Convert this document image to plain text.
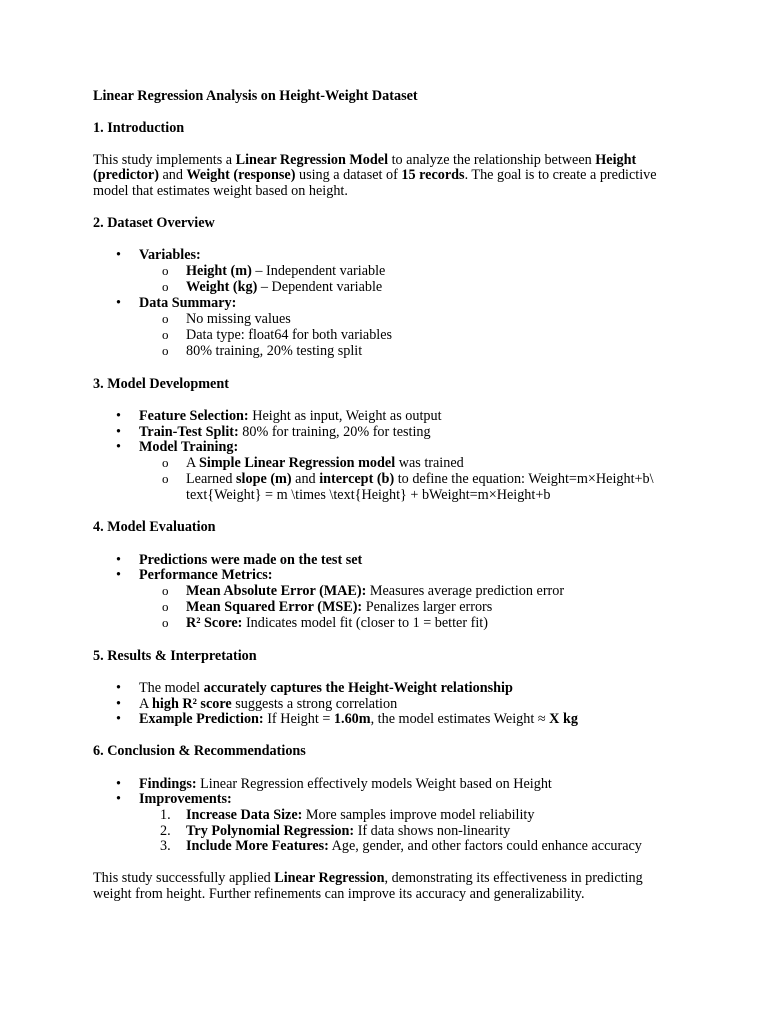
Linear Regression Analysis on Height-Weight Dataset
1. Introduction
This study implements a Linear Regression Model to analyze the relationship between Height
(predictor) and Weight (response) using a dataset of 15 records. The goal is to create a predictive
model that estimates weight based on height.
2. Dataset Overview
• Variables:
o Height (m) – Independent variable
o Weight (kg) – Dependent variable
• Data Summary:
o No missing values
o Data type: float64 for both variables
o 80% training, 20% testing split
3. Model Development
• Feature Selection: Height as input, Weight as output
• Train-Test Split: 80% for training, 20% for testing
• Model Training:
o A Simple Linear Regression model was trained
o Learned slope (m) and intercept (b) to define the equation: Weight=m×Height+b\
text{Weight} = m \times \text{Height} + bWeight=m×Height+b
4. Model Evaluation
• Predictions were made on the test set
• Performance Metrics:
o Mean Absolute Error (MAE): Measures average prediction error
o Mean Squared Error (MSE): Penalizes larger errors
o R² Score: Indicates model fit (closer to 1 = better fit)
5. Results & Interpretation
• The model accurately captures the Height-Weight relationship
• A high R² score suggests a strong correlation
• Example Prediction: If Height = 1.60m, the model estimates Weight ≈ X kg
6. Conclusion & Recommendations
• Findings: Linear Regression effectively models Weight based on Height
• Improvements:
1. Increase Data Size: More samples improve model reliability
2. Try Polynomial Regression: If data shows non-linearity
3. Include More Features: Age, gender, and other factors could enhance accuracy
This study successfully applied Linear Regression, demonstrating its effectiveness in predicting
weight from height. Further refinements can improve its accuracy and generalizability.
